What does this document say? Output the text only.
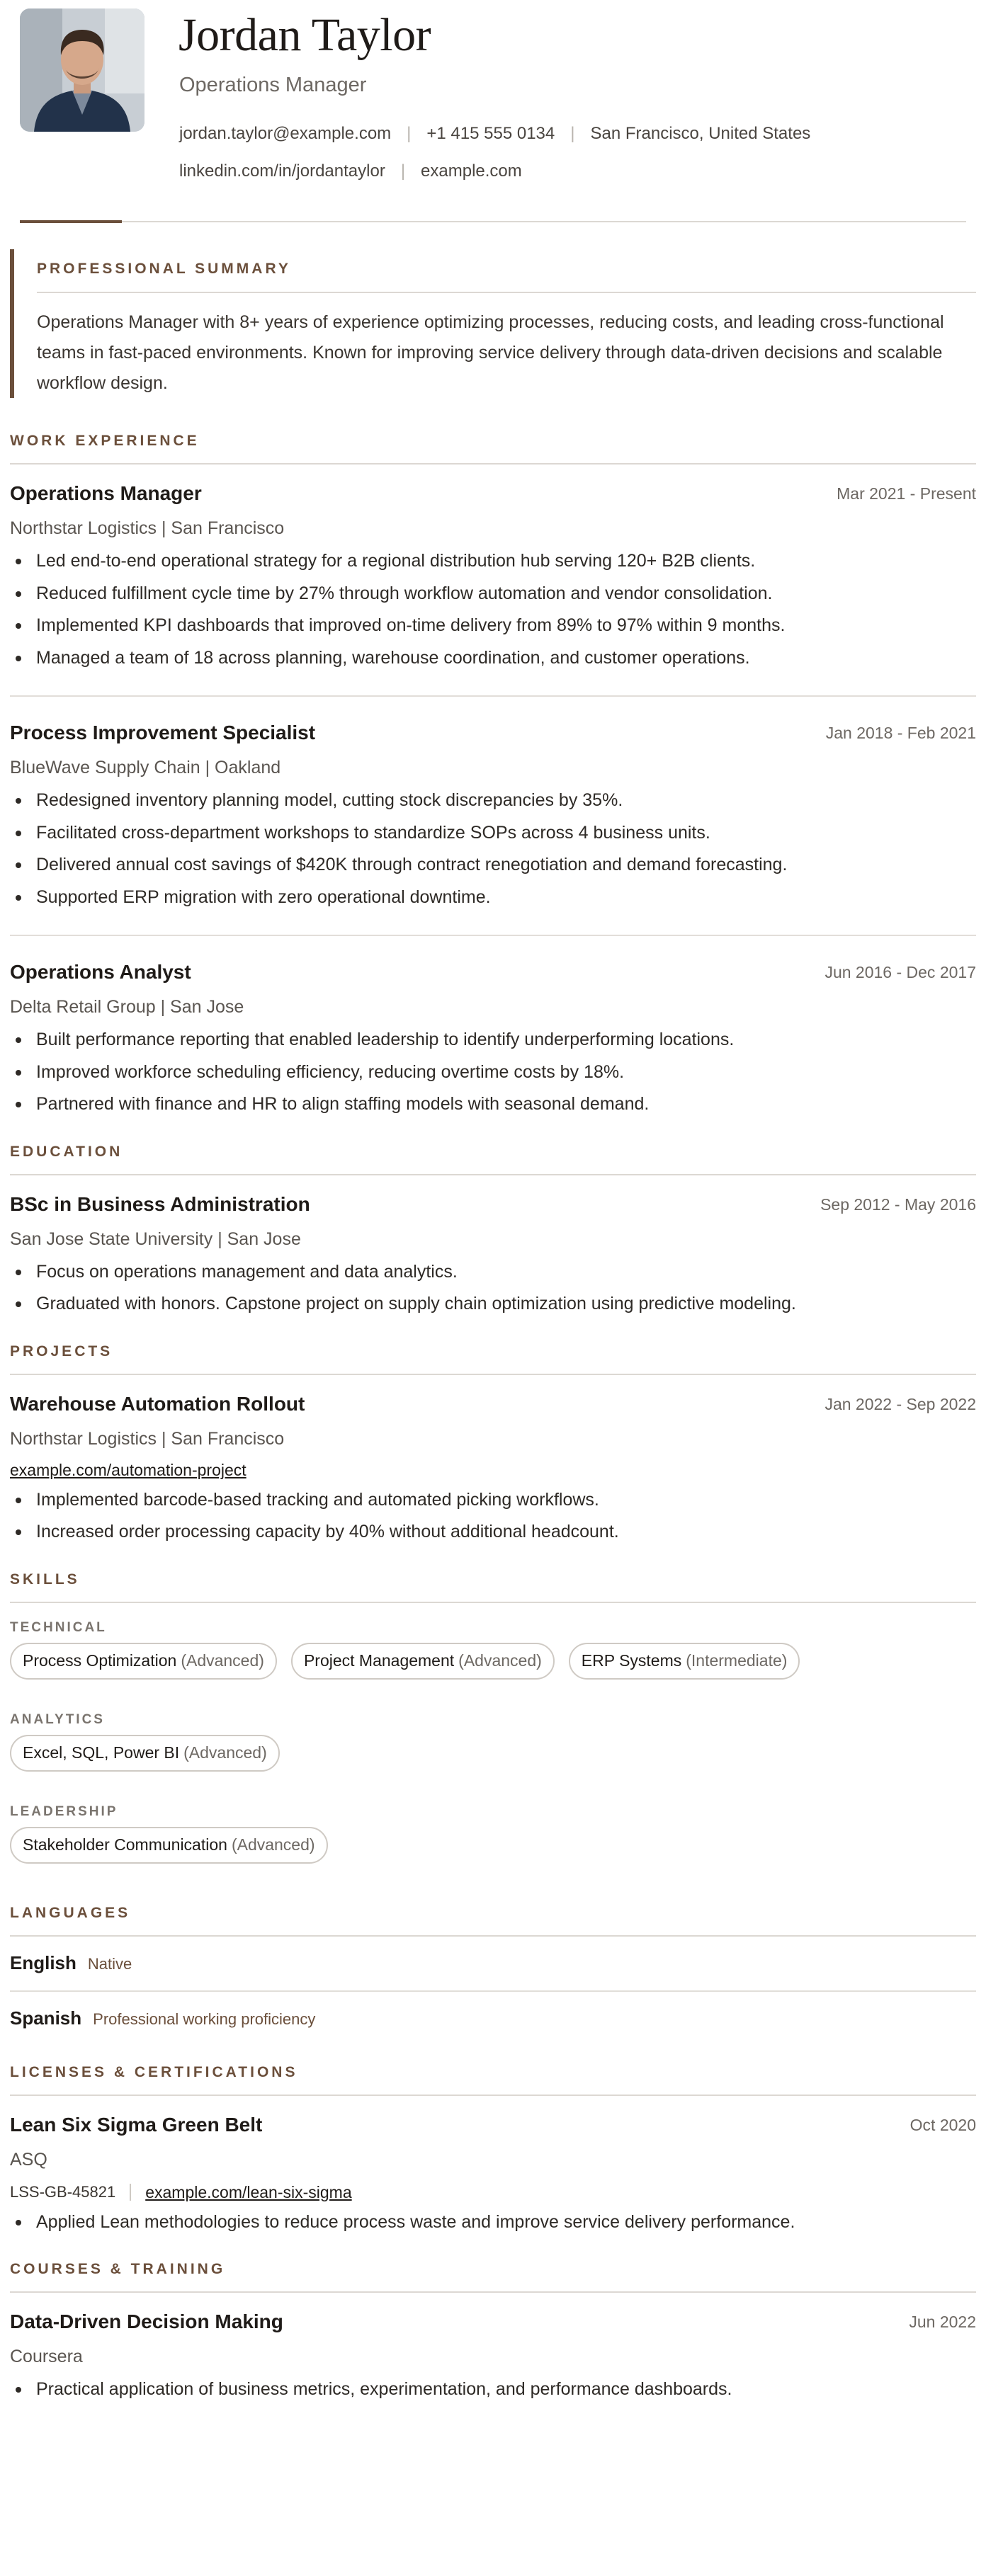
Jordan Taylor
Operations Manager
jordan.taylor@example.com | +1 415 555 0134 | San Francisco, United States
linkedin.com/in/jordantaylor | example.com
PROFESSIONAL SUMMARY
Operations Manager with 8+ years of experience optimizing processes, reducing costs, and leading cross-functional teams in fast-paced environments. Known for improving service delivery through data-driven decisions and scalable workflow design.
WORK EXPERIENCE
Operations Manager	Mar 2021 - Present
Northstar Logistics | San Francisco
Led end-to-end operational strategy for a regional distribution hub serving 120+ B2B clients.
Reduced fulfillment cycle time by 27% through workflow automation and vendor consolidation.
Implemented KPI dashboards that improved on-time delivery from 89% to 97% within 9 months.
Managed a team of 18 across planning, warehouse coordination, and customer operations.
Process Improvement Specialist	Jan 2018 - Feb 2021
BlueWave Supply Chain | Oakland
Redesigned inventory planning model, cutting stock discrepancies by 35%.
Facilitated cross-department workshops to standardize SOPs across 4 business units.
Delivered annual cost savings of $420K through contract renegotiation and demand forecasting.
Supported ERP migration with zero operational downtime.
Operations Analyst	Jun 2016 - Dec 2017
Delta Retail Group | San Jose
Built performance reporting that enabled leadership to identify underperforming locations.
Improved workforce scheduling efficiency, reducing overtime costs by 18%.
Partnered with finance and HR to align staffing models with seasonal demand.
EDUCATION
BSc in Business Administration	Sep 2012 - May 2016
San Jose State University | San Jose
Focus on operations management and data analytics.
Graduated with honors. Capstone project on supply chain optimization using predictive modeling.
PROJECTS
Warehouse Automation Rollout	Jan 2022 - Sep 2022
Northstar Logistics | San Francisco
example.com/automation-project
Implemented barcode-based tracking and automated picking workflows.
Increased order processing capacity by 40% without additional headcount.
SKILLS
TECHNICAL
Process Optimization (Advanced) Project Management (Advanced) ERP Systems (Intermediate)
ANALYTICS
Excel, SQL, Power BI (Advanced)
LEADERSHIP
Stakeholder Communication (Advanced)
LANGUAGES
English Native
Spanish Professional working proficiency
LICENSES & CERTIFICATIONS
Lean Six Sigma Green Belt	Oct 2020
ASQ
LSS-GB-45821 example.com/lean-six-sigma
Applied Lean methodologies to reduce process waste and improve service delivery performance.
COURSES & TRAINING
Data-Driven Decision Making	Jun 2022
Coursera
Practical application of business metrics, experimentation, and performance dashboards.
